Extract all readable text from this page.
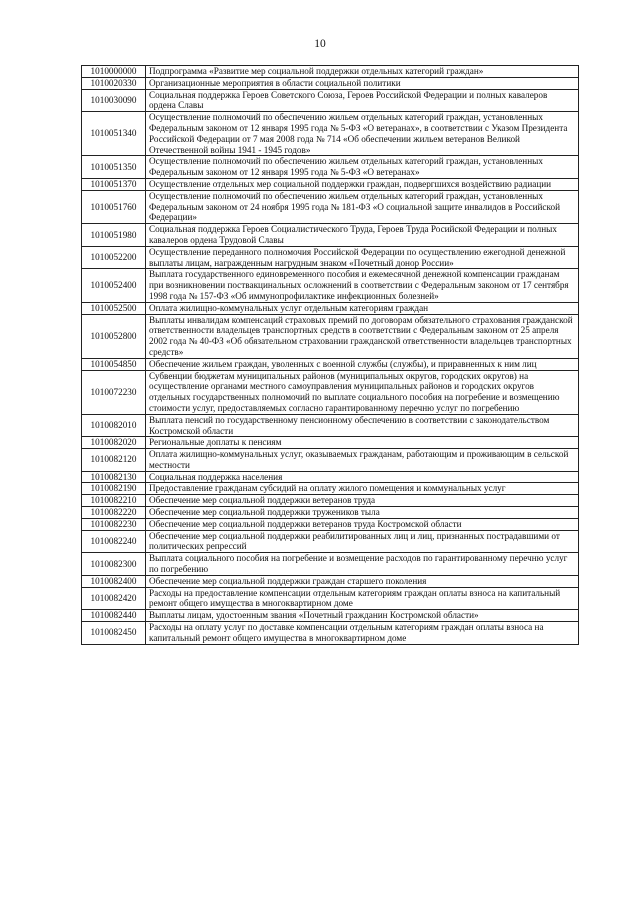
10
1010000000	Подпрограмма «Развитие мер социальной поддержки отдельных категорий граждан»
1010020330	Организационные мероприятия в области социальной политики
1010030090	Социальная поддержка Героев Советского Союза, Героев Российской Федерации и полных кавалеров ордена Славы
1010051340	Осуществление полномочий по обеспечению жильем отдельных категорий граждан, установленных Федеральным законом от 12 января 1995 года № 5-ФЗ «О ветеранах», в соответствии с Указом Президента Российской Федерации от 7 мая 2008 года № 714 «Об обеспечении жильем ветеранов Великой Отечественной войны 1941 - 1945 годов»
1010051350	Осуществление полномочий по обеспечению жильем отдельных категорий граждан, установленных Федеральным законом от 12 января 1995 года № 5-ФЗ «О ветеранах»
1010051370	Осуществление отдельных мер социальной поддержки граждан, подвергшихся воздействию радиации
1010051760	Осуществление полномочий по обеспечению жильем отдельных категорий граждан, установленных Федеральным законом от 24 ноября 1995 года № 181-ФЗ «О социальной защите инвалидов в Российской Федерации»
1010051980	Социальная поддержка Героев Социалистического Труда, Героев Труда Росийской Федерации и полных кавалеров ордена Трудовой Славы
1010052200	Осуществление переданного полномочия Российской Федерации по осуществлению ежегодной денежной выплаты лицам, награжденным нагрудным знаком «Почетный донор России»
1010052400	Выплата государственного единовременного пособия и ежемесячной денежной компенсации гражданам при возникновении поствакцинальных осложнений в соответствии с Федеральным законом от 17 сентября 1998 года № 157-ФЗ «Об иммунопрофилактике инфекционных болезней»
1010052500	Оплата жилищно-коммунальных услуг отдельным категориям граждан
1010052800	Выплаты инвалидам компенсаций страховых премий по договорам обязательного страхования гражданской ответственности владельцев транспортных средств в соответствии с Федеральным законом от 25 апреля 2002 года № 40-ФЗ «Об обязательном страховании гражданской ответственности владельцев транспортных средств»
1010054850	Обеспечение жильем граждан, уволенных с военной службы (службы), и приравненных к ним лиц
1010072230	Субвенции бюджетам муниципальных районов (муниципальных округов, городских округов) на осуществление органами местного самоуправления муниципальных районов и городских округов отдельных государственных полномочий по выплате социального пособия на погребение и возмещению стоимости услуг, предоставляемых согласно гарантированному перечню услуг по погребению
1010082010	Выплата пенсий по государственному пенсионному обеспечению в соответствии с законодательством Костромской области
1010082020	Региональные доплаты к пенсиям
1010082120	Оплата жилищно-коммунальных услуг, оказываемых гражданам, работающим и проживающим в сельской местности
1010082130	Социальная поддержка населения
1010082190	Предоставление гражданам субсидий на оплату жилого помещения и коммунальных услуг
1010082210	Обеспечение мер социальной поддержки ветеранов труда
1010082220	Обеспечение мер социальной поддержки тружеников тыла
1010082230	Обеспечение мер социальной поддержки ветеранов труда Костромской области
1010082240	Обеспечение мер социальной поддержки реабилитированных лиц и лиц, признанных пострадавшими от политических репрессий
1010082300	Выплата социального пособия на погребение и возмещение расходов по гарантированному перечню услуг по погребению
1010082400	Обеспечение мер социальной поддержки граждан старшего поколения
1010082420	Расходы на предоставление компенсации отдельным категориям граждан оплаты взноса на капитальный ремонт общего имущества в многоквартирном доме
1010082440	Выплаты лицам, удостоенным звания «Почетный гражданин Костромской области»
1010082450	Расходы на оплату услуг по доставке компенсации отдельным категориям граждан оплаты взноса на капитальный ремонт общего имущества в многоквартирном доме
